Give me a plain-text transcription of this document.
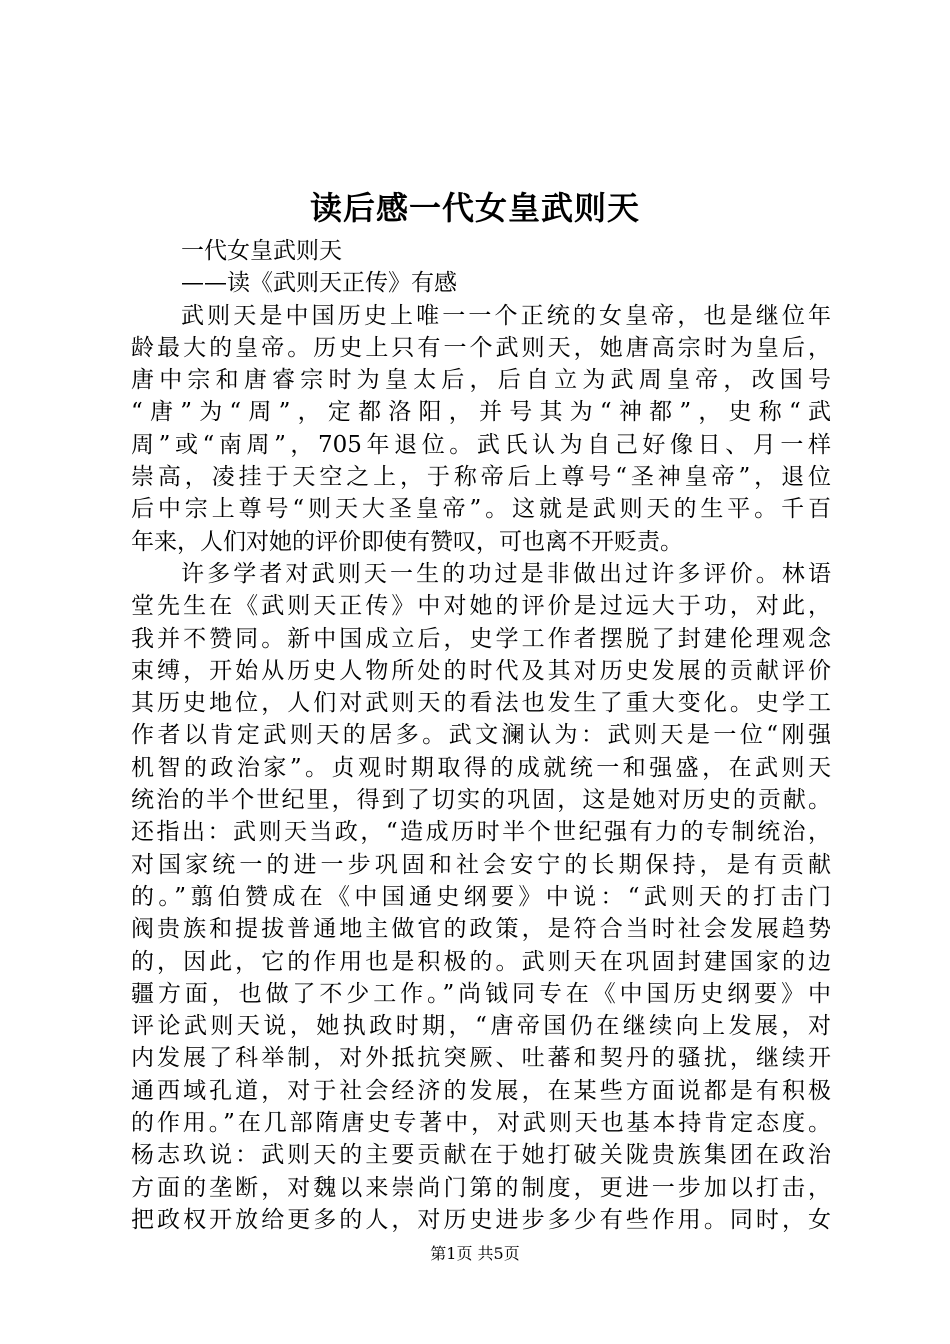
读后感一代女皇武则天
一代女皇武则天
——读《武则天正传》有感
武则天是中国历史上唯一一个正统的女皇帝，也是继位年
龄最大的皇帝。历史上只有一个武则天，她唐高宗时为皇后，
唐中宗和唐睿宗时为皇太后，后自立为武周皇帝，改国号
“唐”为“周”，定都洛阳，并号其为“神都”，史称“武
周”或“南周”，705年退位。武氏认为自己好像日、月一样
崇高，凌挂于天空之上，于称帝后上尊号“圣神皇帝”，退位
后中宗上尊号“则天大圣皇帝”。这就是武则天的生平。千百
年来，人们对她的评价即使有赞叹，可也离不开贬责。
许多学者对武则天一生的功过是非做出过许多评价。林语
堂先生在《武则天正传》中对她的评价是过远大于功，对此，
我并不赞同。新中国成立后，史学工作者摆脱了封建伦理观念
束缚，开始从历史人物所处的时代及其对历史发展的贡献评价
其历史地位，人们对武则天的看法也发生了重大变化。史学工
作者以肯定武则天的居多。武文澜认为：武则天是一位“刚强
机智的政治家”。贞观时期取得的成就统一和强盛，在武则天
统治的半个世纪里，得到了切实的巩固，这是她对历史的贡献。
还指出：武则天当政，“造成历时半个世纪强有力的专制统治，
对国家统一的进一步巩固和社会安宁的长期保持，是有贡献
的。”翦伯赞成在《中国通史纲要》中说：“武则天的打击门
阀贵族和提拔普通地主做官的政策，是符合当时社会发展趋势
的，因此，它的作用也是积极的。武则天在巩固封建国家的边
疆方面，也做了不少工作。”尚钺同专在《中国历史纲要》中
评论武则天说，她执政时期，“唐帝国仍在继续向上发展，对
内发展了科举制，对外抵抗突厥、吐蕃和契丹的骚扰，继续开
通西域孔道，对于社会经济的发展，在某些方面说都是有积极
的作用。”在几部隋唐史专著中，对武则天也基本持肯定态度。
杨志玖说：武则天的主要贡献在于她打破关陇贵族集团在政治
方面的垄断，对魏以来崇尚门第的制度，更进一步加以打击，
把政权开放给更多的人，对历史进步多少有些作用。同时，女
第1页 共5页
